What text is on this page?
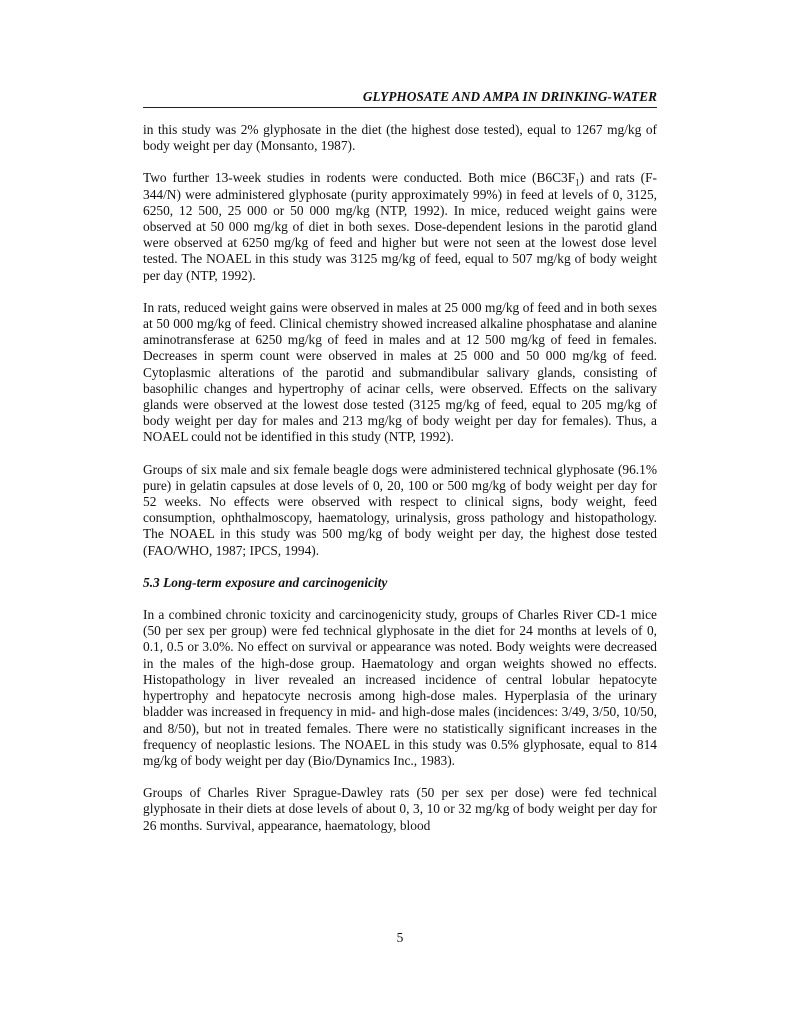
GLYPHOSATE AND AMPA IN DRINKING-WATER

in this study was 2% glyphosate in the diet (the highest dose tested), equal to 1267 mg/kg of body weight per day (Monsanto, 1987).

Two further 13-week studies in rodents were conducted. Both mice $(B6C3F_1)$ and rats (F-344/N) were administered glyphosate (purity approximately 99%) in feed at levels of 0, 3125, 6250, 12 500, 25 000 or 50 000 mg/kg (NTP, 1992). In mice, reduced weight gains were observed at 50 000 mg/kg of diet in both sexes. Dose-dependent lesions in the parotid gland were observed at 6250 mg/kg of feed and higher but were not seen at the lowest dose level tested. The NOAEL in this study was 3125 mg/kg of feed, equal to 507 mg/kg of body weight per day (NTP, 1992).

In rats, reduced weight gains were observed in males at 25 000 mg/kg of feed and in both sexes at 50 000 mg/kg of feed. Clinical chemistry showed increased alkaline phosphatase and alanine aminotransferase at 6250 mg/kg of feed in males and at 12 500 mg/kg of feed in females. Decreases in sperm count were observed in males at 25 000 and 50 000 mg/kg of feed. Cytoplasmic alterations of the parotid and submandibular salivary glands, consisting of basophilic changes and hypertrophy of acinar cells, were observed. Effects on the salivary glands were observed at the lowest dose tested (3125 mg/kg of feed, equal to 205 mg/kg of body weight per day for males and 213 mg/kg of body weight per day for females). Thus, a NOAEL could not be identified in this study (NTP, 1992).

Groups of six male and six female beagle dogs were administered technical glyphosate (96.1% pure) in gelatin capsules at dose levels of 0, 20, 100 or 500 mg/kg of body weight per day for 52 weeks. No effects were observed with respect to clinical signs, body weight, feed consumption, ophthalmoscopy, haematology, urinalysis, gross pathology and histopathology. The NOAEL in this study was 500 mg/kg of body weight per day, the highest dose tested (FAO/WHO, 1987; IPCS, 1994).

5.3 Long-term exposure and carcinogenicity

In a combined chronic toxicity and carcinogenicity study, groups of Charles River CD-1 mice (50 per sex per group) were fed technical glyphosate in the diet for 24 months at levels of 0, 0.1, 0.5 or 3.0%. No effect on survival or appearance was noted. Body weights were decreased in the males of the high-dose group. Haematology and organ weights showed no effects. Histopathology in liver revealed an increased incidence of central lobular hepatocyte hypertrophy and hepatocyte necrosis among high-dose males. Hyperplasia of the urinary bladder was increased in frequency in mid- and high-dose males (incidences: 3/49, 3/50, 10/50, and 8/50), but not in treated females. There were no statistically significant increases in the frequency of neoplastic lesions. The NOAEL in this study was 0.5% glyphosate, equal to 814 mg/kg of body weight per day (Bio/Dynamics Inc., 1983).

Groups of Charles River Sprague-Dawley rats (50 per sex per dose) were fed technical glyphosate in their diets at dose levels of about 0, 3, 10 or 32 mg/kg of body weight per day for 26 months. Survival, appearance, haematology, blood

5
